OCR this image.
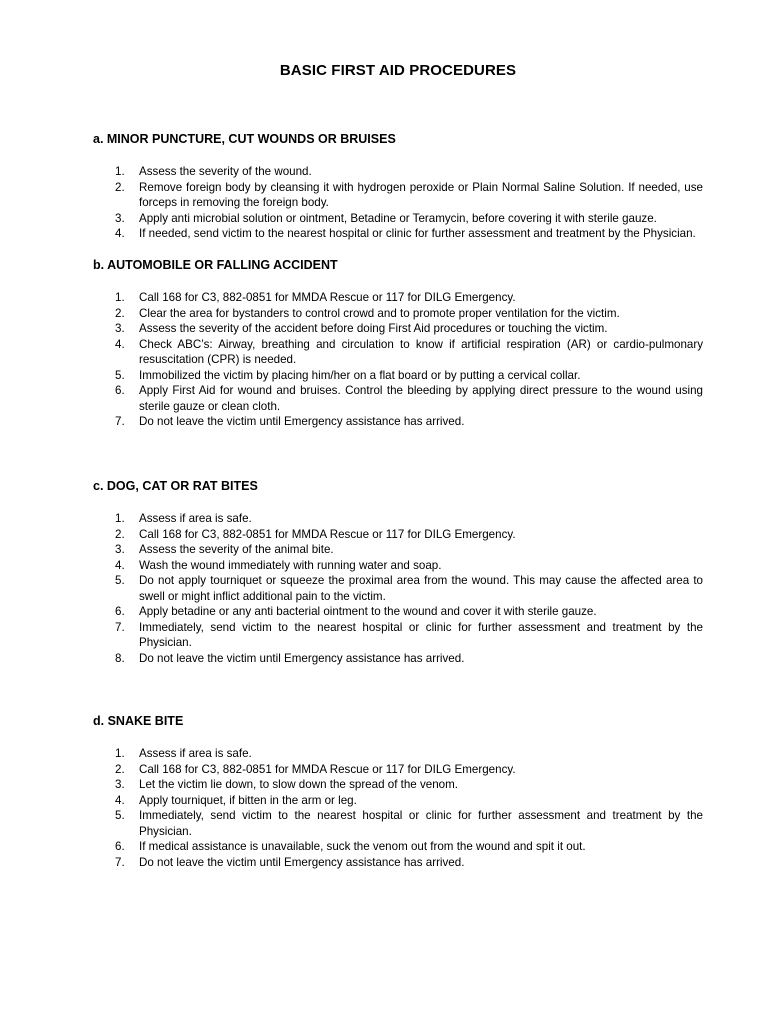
BASIC FIRST AID PROCEDURES
a. MINOR PUNCTURE, CUT WOUNDS OR BRUISES
1. Assess the severity of the wound.
2. Remove foreign body by cleansing it with hydrogen peroxide or Plain Normal Saline Solution. If needed, use forceps in removing the foreign body.
3. Apply anti microbial solution or ointment, Betadine or Teramycin, before covering it with sterile gauze.
4. If needed, send victim to the nearest hospital or clinic for further assessment and treatment by the Physician.
b. AUTOMOBILE OR FALLING ACCIDENT
1. Call 168 for C3, 882-0851 for MMDA Rescue or 117 for DILG Emergency.
2. Clear the area for bystanders to control crowd and to promote proper ventilation for the victim.
3. Assess the severity of the accident before doing First Aid procedures or touching the victim.
4. Check ABC’s: Airway, breathing and circulation to know if artificial respiration (AR) or cardio-pulmonary resuscitation (CPR) is needed.
5. Immobilized the victim by placing him/her on a flat board or by putting a cervical collar.
6. Apply First Aid for wound and bruises. Control the bleeding by applying direct pressure to the wound using sterile gauze or clean cloth.
7. Do not leave the victim until Emergency assistance has arrived.
c. DOG, CAT OR RAT BITES
1. Assess if area is safe.
2. Call 168 for C3, 882-0851 for MMDA Rescue or 117 for DILG Emergency.
3. Assess the severity of the animal bite.
4. Wash the wound immediately with running water and soap.
5. Do not apply tourniquet or squeeze the proximal area from the wound. This may cause the affected area to swell or might inflict additional pain to the victim.
6. Apply betadine or any anti bacterial ointment to the wound and cover it with sterile gauze.
7. Immediately, send victim to the nearest hospital or clinic for further assessment and treatment by the Physician.
8. Do not leave the victim until Emergency assistance has arrived.
d. SNAKE BITE
1. Assess if area is safe.
2. Call 168 for C3, 882-0851 for MMDA Rescue or 117 for DILG Emergency.
3. Let the victim lie down, to slow down the spread of the venom.
4. Apply tourniquet, if bitten in the arm or leg.
5. Immediately, send victim to the nearest hospital or clinic for further assessment and treatment by the Physician.
6. If medical assistance is unavailable, suck the venom out from the wound and spit it out.
7. Do not leave the victim until Emergency assistance has arrived.
